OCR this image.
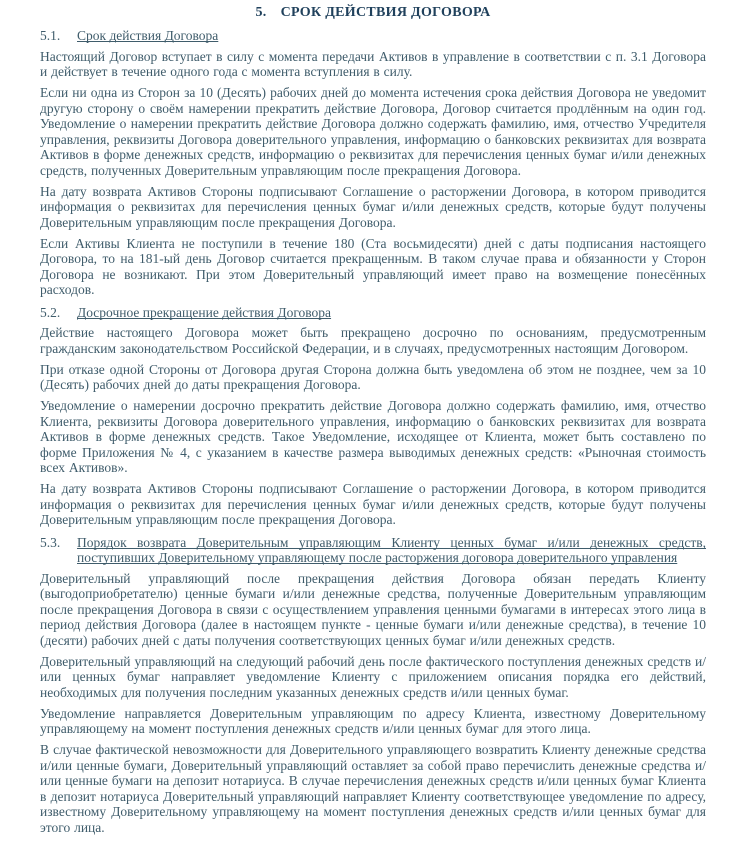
5. СРОК ДЕЙСТВИЯ ДОГОВОРА
5.1.	Срок действия Договора

Настоящий Договор вступает в силу с момента передачи Активов в управление в соответствии с п. 3.1 Договора и действует в течение одного года с момента вступления в силу.

Если ни одна из Сторон за 10 (Десять) рабочих дней до момента истечения срока действия Договора не уведомит другую сторону о своём намерении прекратить действие Договора, Договор считается продлённым на один год. Уведомление о намерении прекратить действие Договора должно содержать фамилию, имя, отчество Учредителя управления, реквизиты Договора доверительного управления, информацию о банковских реквизитах для возврата Активов в форме денежных средств, информацию о реквизитах для перечисления ценных бумаг и/или денежных средств, полученных Доверительным управляющим после прекращения Договора.

На дату возврата Активов Стороны подписывают Соглашение о расторжении Договора, в котором приводится информация о реквизитах для перечисления ценных бумаг и/или денежных средств, которые будут получены Доверительным управляющим после прекращения Договора.

Если Активы Клиента не поступили в течение 180 (Ста восьмидесяти) дней с даты подписания настоящего Договора, то на 181-ый день Договор считается прекращенным. В таком случае права и обязанности у Сторон Договора не возникают. При этом Доверительный управляющий имеет право на возмещение понесённых расходов.

5.2.	Досрочное прекращение действия Договора

Действие настоящего Договора может быть прекращено досрочно по основаниям, предусмотренным гражданским законодательством Российской Федерации, и в случаях, предусмотренных настоящим Договором.

При отказе одной Стороны от Договора другая Сторона должна быть уведомлена об этом не позднее, чем за 10 (Десять) рабочих дней до даты прекращения Договора.

Уведомление о намерении досрочно прекратить действие Договора должно содержать фамилию, имя, отчество Клиента, реквизиты Договора доверительного управления, информацию о банковских реквизитах для возврата Активов в форме денежных средств. Такое Уведомление, исходящее от Клиента, может быть составлено по форме Приложения № 4, с указанием в качестве размера выводимых денежных средств: «Рыночная стоимость всех Активов».

На дату возврата Активов Стороны подписывают Соглашение о расторжении Договора, в котором приводится информация о реквизитах для перечисления ценных бумаг и/или денежных средств, которые будут получены Доверительным управляющим после прекращения Договора.

5.3.	Порядок возврата Доверительным управляющим Клиенту ценных бумаг и/или денежных средств, поступивших Доверительному управляющему после расторжения договора доверительного управления

Доверительный управляющий после прекращения действия Договора обязан передать Клиенту (выгодоприобретателю) ценные бумаги и/или денежные средства, полученные Доверительным управляющим после прекращения Договора в связи с осуществлением управления ценными бумагами в интересах этого лица в период действия Договора (далее в настоящем пункте - ценные бумаги и/или денежные средства), в течение 10 (десяти) рабочих дней с даты получения соответствующих ценных бумаг и/или денежных средств.

Доверительный управляющий на следующий рабочий день после фактического поступления денежных средств и/или ценных бумаг направляет уведомление Клиенту с приложением описания порядка его действий, необходимых для получения последним указанных денежных средств и/или ценных бумаг.

Уведомление направляется Доверительным управляющим по адресу Клиента, известному Доверительному управляющему на момент поступления денежных средств и/или ценных бумаг для этого лица.

В случае фактической невозможности для Доверительного управляющего возвратить Клиенту денежные средства и/или ценные бумаги, Доверительный управляющий оставляет за собой право перечислить денежные средства и/или ценные бумаги на депозит нотариуса. В случае перечисления денежных средств и/или ценных бумаг Клиента в депозит нотариуса Доверительный управляющий направляет Клиенту соответствующее уведомление по адресу, известному Доверительному управляющему на момент поступления денежных средств и/или ценных бумаг для этого лица.
